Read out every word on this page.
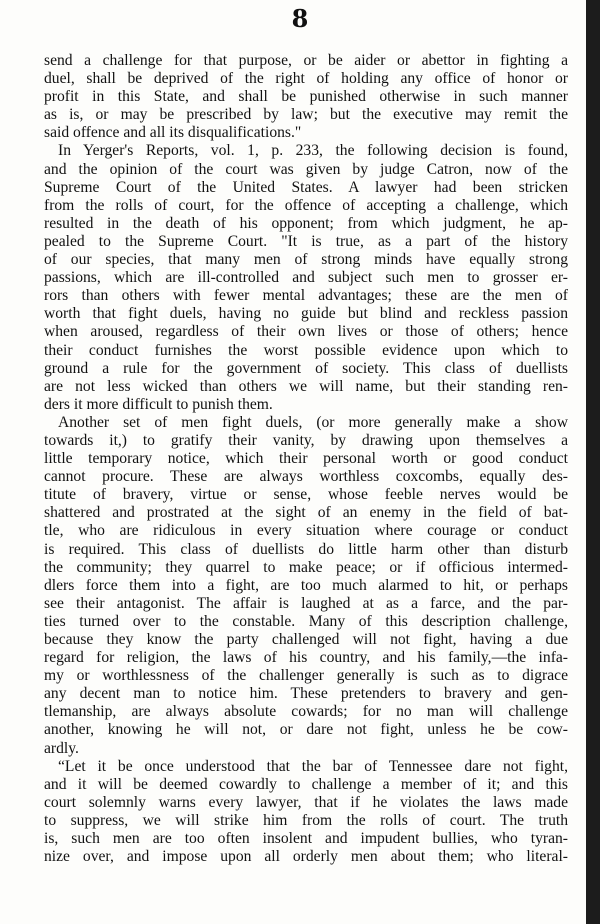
8
send a challenge for that purpose, or be aider or abettor in fighting a
duel, shall be deprived of the right of holding any office of honor or
profit in this State, and shall be punished otherwise in such manner
as is, or may be prescribed by law; but the executive may remit the
said offence and all its disqualifications."
In Yerger's Reports, vol. 1, p. 233, the following decision is found,
and the opinion of the court was given by judge Catron, now of the
Supreme Court of the United States. A lawyer had been stricken
from the rolls of court, for the offence of accepting a challenge, which
resulted in the death of his opponent; from which judgment, he ap-
pealed to the Supreme Court. "It is true, as a part of the history
of our species, that many men of strong minds have equally strong
passions, which are ill-controlled and subject such men to grosser er-
rors than others with fewer mental advantages; these are the men of
worth that fight duels, having no guide but blind and reckless passion
when aroused, regardless of their own lives or those of others; hence
their conduct furnishes the worst possible evidence upon which to
ground a rule for the government of society. This class of duellists
are not less wicked than others we will name, but their standing ren-
ders it more difficult to punish them.
Another set of men fight duels, (or more generally make a show
towards it,) to gratify their vanity, by drawing upon themselves a
little temporary notice, which their personal worth or good conduct
cannot procure. These are always worthless coxcombs, equally des-
titute of bravery, virtue or sense, whose feeble nerves would be
shattered and prostrated at the sight of an enemy in the field of bat-
tle, who are ridiculous in every situation where courage or conduct
is required. This class of duellists do little harm other than disturb
the community; they quarrel to make peace; or if officious intermed-
dlers force them into a fight, are too much alarmed to hit, or perhaps
see their antagonist. The affair is laughed at as a farce, and the par-
ties turned over to the constable. Many of this description challenge,
because they know the party challenged will not fight, having a due
regard for religion, the laws of his country, and his family,—the infa-
my or worthlessness of the challenger generally is such as to digrace
any decent man to notice him. These pretenders to bravery and gen-
tlemanship, are always absolute cowards; for no man will challenge
another, knowing he will not, or dare not fight, unless he be cow-
ardly.
“Let it be once understood that the bar of Tennessee dare not fight,
and it will be deemed cowardly to challenge a member of it; and this
court solemnly warns every lawyer, that if he violates the laws made
to suppress, we will strike him from the rolls of court. The truth
is, such men are too often insolent and impudent bullies, who tyran-
nize over, and impose upon all orderly men about them; who literal-
